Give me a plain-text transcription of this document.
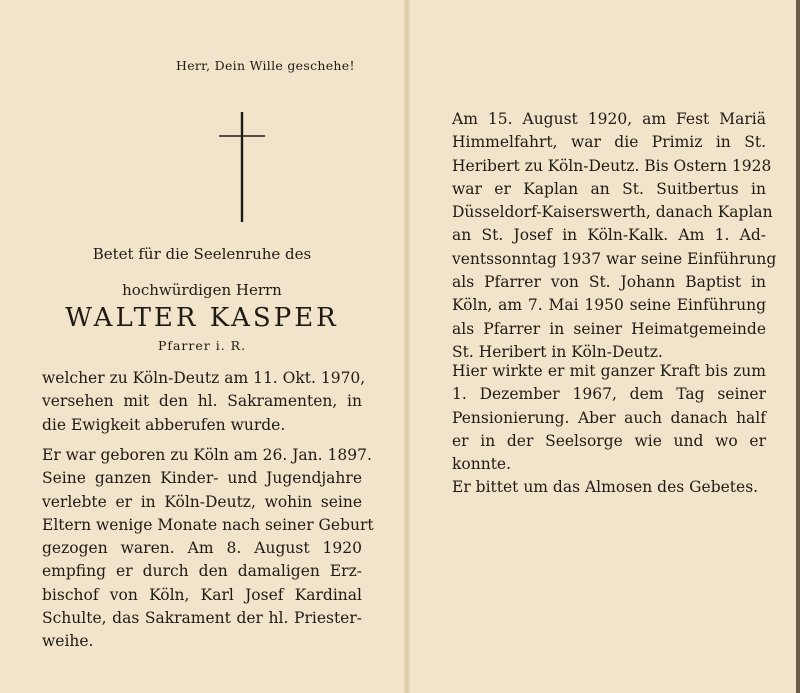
Herr, Dein Wille geschehe!
Betet für die Seelenruhe des
hochwürdigen Herrn
WALTER KASPER
Pfarrer i. R.
welcher zu Köln-Deutz am 11. Okt. 1970,
versehen mit den hl. Sakramenten, in
die Ewigkeit abberufen wurde.
Er war geboren zu Köln am 26. Jan. 1897.
Seine ganzen Kinder- und Jugendjahre
verlebte er in Köln-Deutz, wohin seine
Eltern wenige Monate nach seiner Geburt
gezogen waren. Am 8. August 1920
empfing er durch den damaligen Erz-
bischof von Köln, Karl Josef Kardinal
Schulte, das Sakrament der hl. Priester-
weihe.
Am 15. August 1920, am Fest Mariä
Himmelfahrt, war die Primiz in St.
Heribert zu Köln-Deutz. Bis Ostern 1928
war er Kaplan an St. Suitbertus in
Düsseldorf-Kaiserswerth, danach Kaplan
an St. Josef in Köln-Kalk. Am 1. Ad-
ventssonntag 1937 war seine Einführung
als Pfarrer von St. Johann Baptist in
Köln, am 7. Mai 1950 seine Einführung
als Pfarrer in seiner Heimatgemeinde
St. Heribert in Köln-Deutz.
Hier wirkte er mit ganzer Kraft bis zum
1. Dezember 1967, dem Tag seiner
Pensionierung. Aber auch danach half
er in der Seelsorge wie und wo er
konnte.
Er bittet um das Almosen des Gebetes.
